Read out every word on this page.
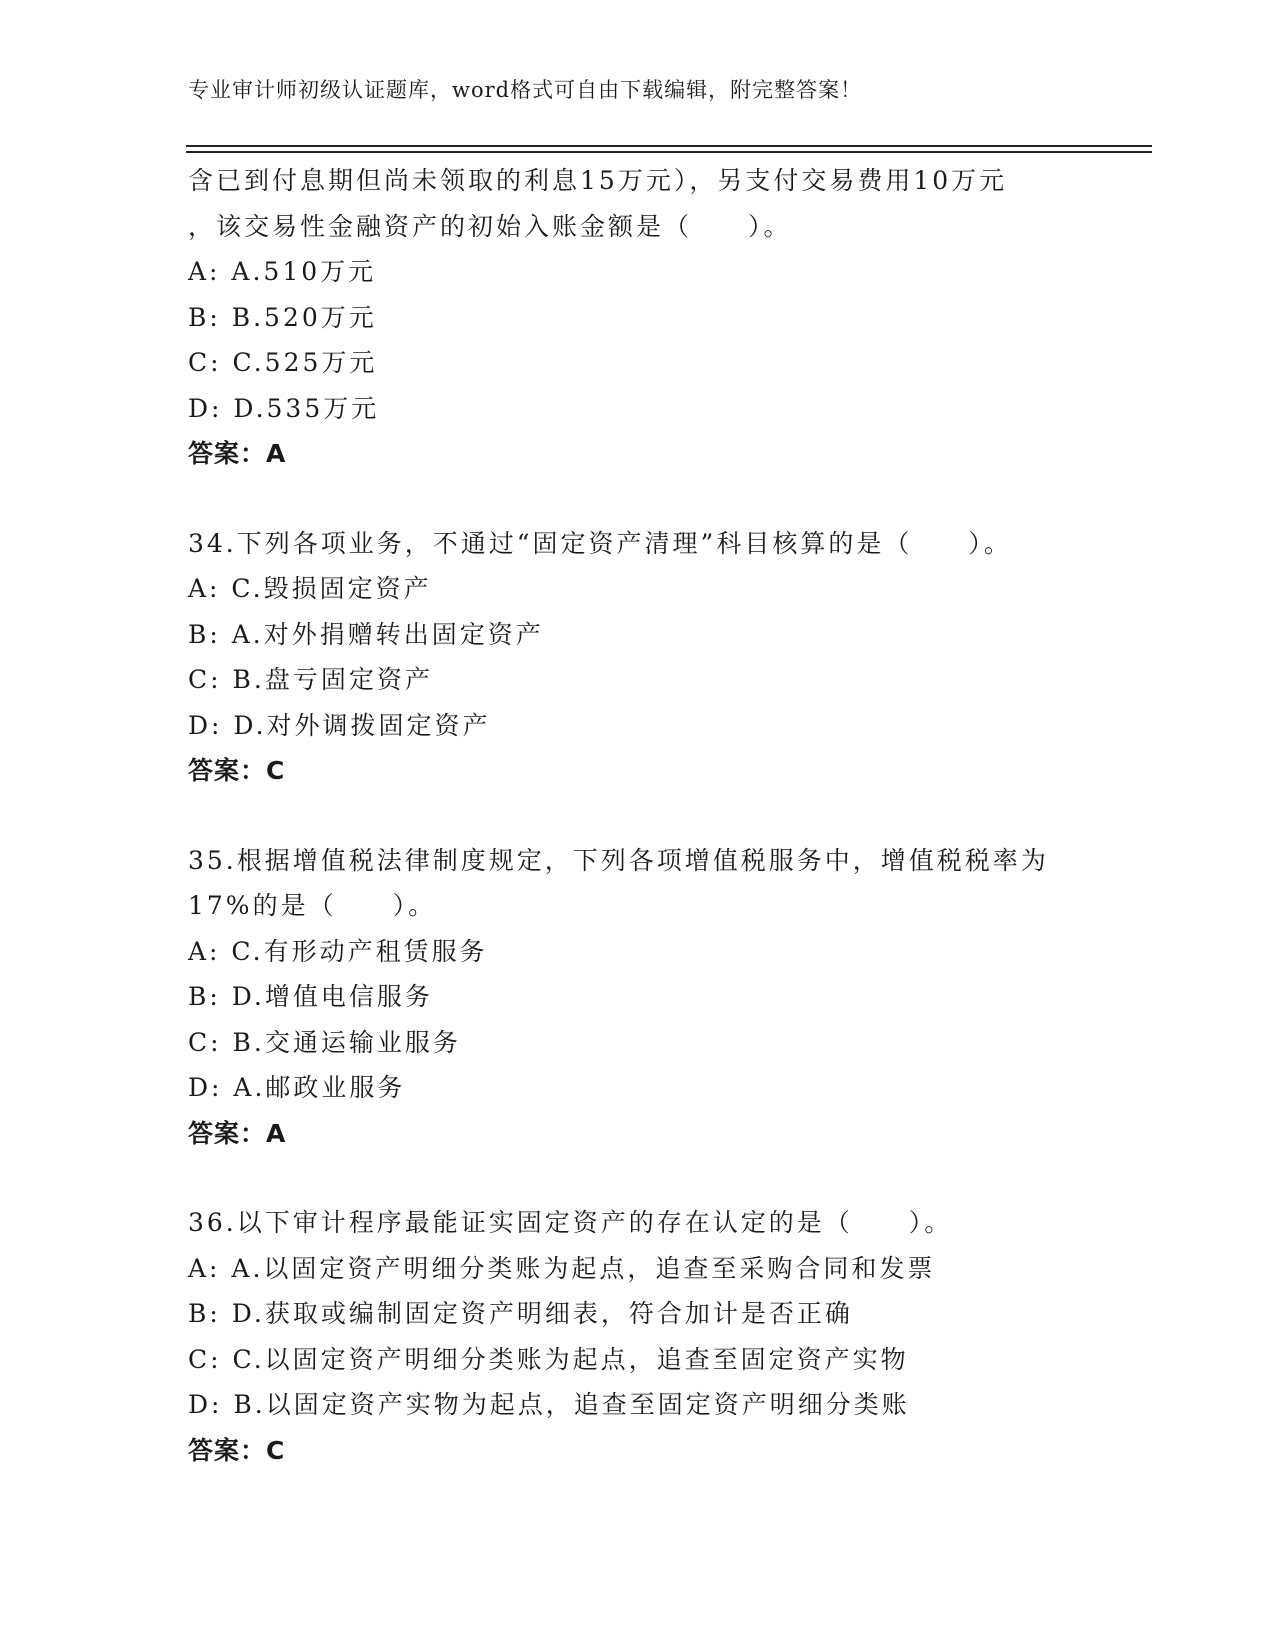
专业审计师初级认证题库，word格式可自由下载编辑，附完整答案！
含已到付息期但尚未领取的利息15万元），另支付交易费用10万元
，该交易性金融资产的初始入账金额是（　　）。
A: A.510万元
B: B.520万元
C: C.525万元
D: D.535万元
答案：A
34.下列各项业务，不通过“固定资产清理”科目核算的是（　　）。
A: C.毁损固定资产
B: A.对外捐赠转出固定资产
C: B.盘亏固定资产
D: D.对外调拨固定资产
答案：C
35.根据增值税法律制度规定，下列各项增值税服务中，增值税税率为
17%的是（　　）。
A: C.有形动产租赁服务
B: D.增值电信服务
C: B.交通运输业服务
D: A.邮政业服务
答案：A
36.以下审计程序最能证实固定资产的存在认定的是（　　）。
A: A.以固定资产明细分类账为起点，追查至采购合同和发票
B: D.获取或编制固定资产明细表，符合加计是否正确
C: C.以固定资产明细分类账为起点，追查至固定资产实物
D: B.以固定资产实物为起点，追查至固定资产明细分类账
答案：C
